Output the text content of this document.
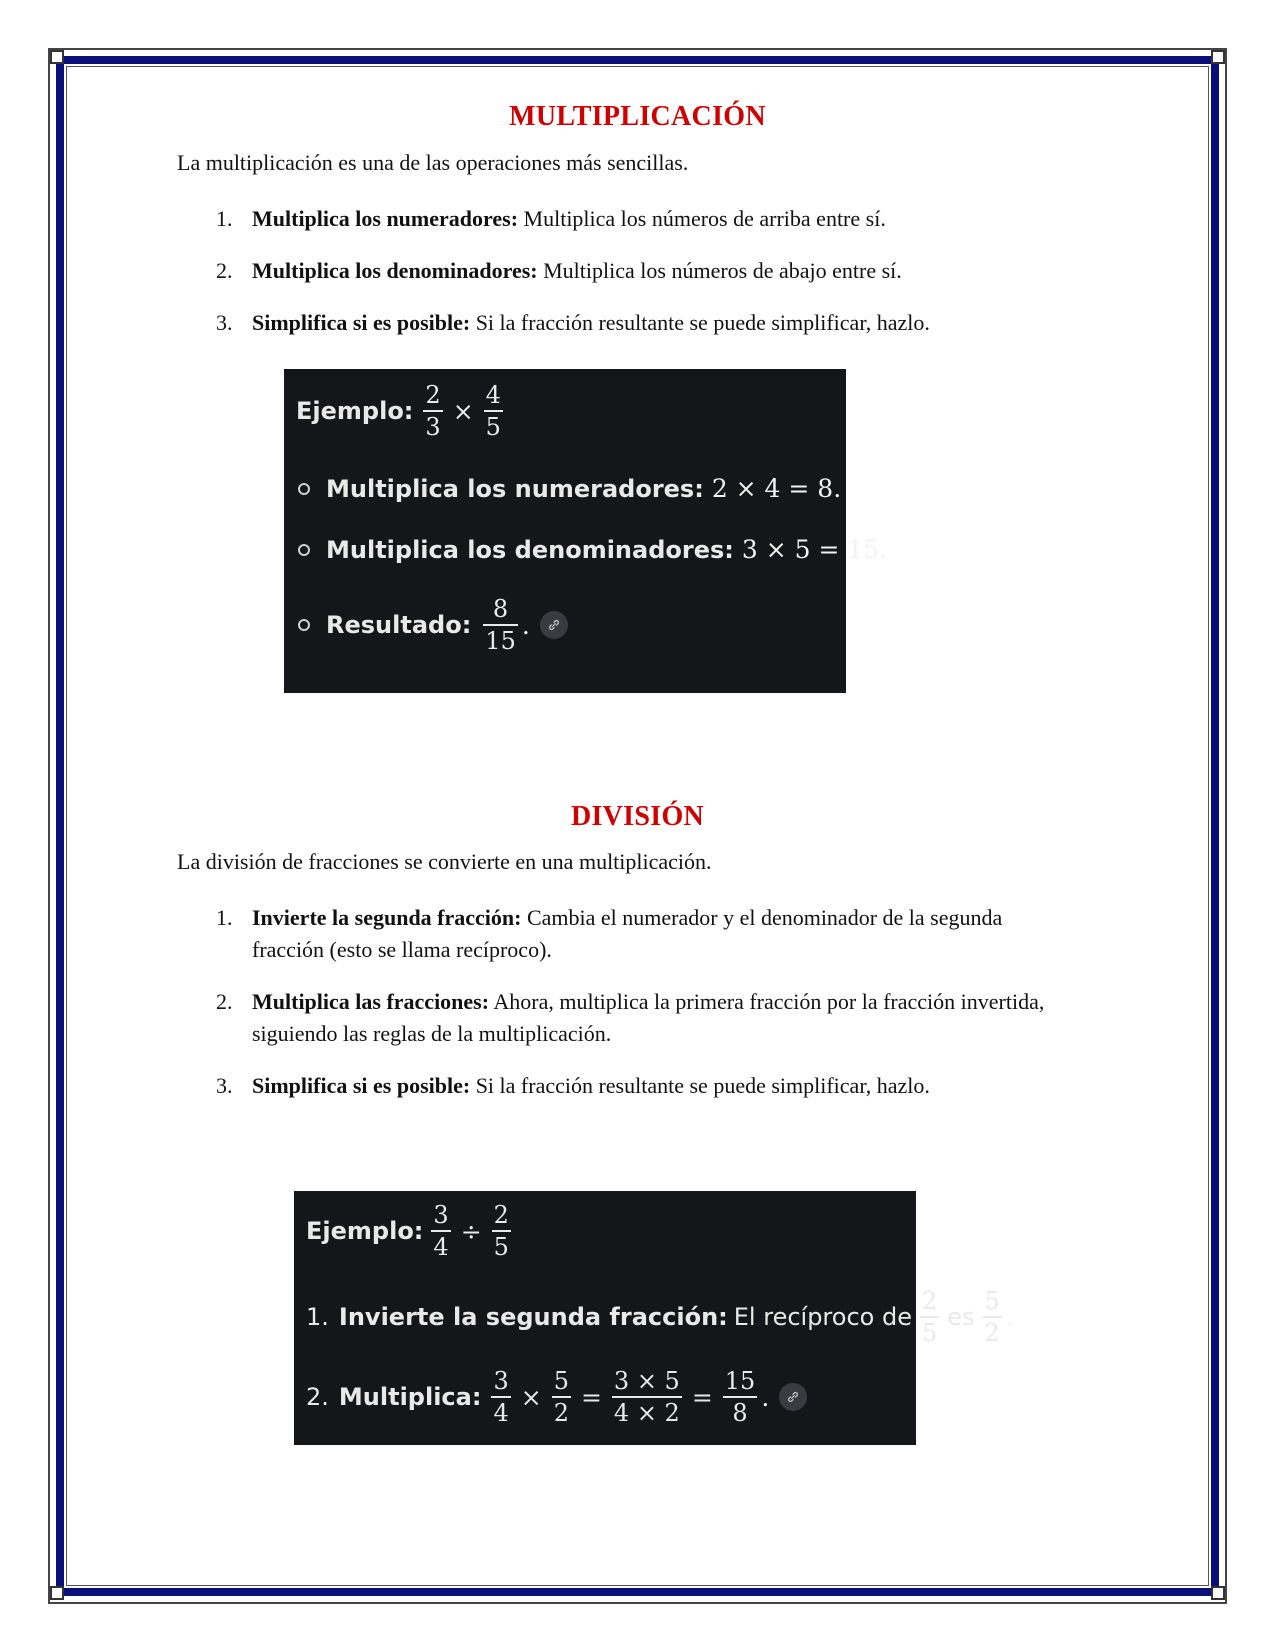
MULTIPLICACIÓN

La multiplicación es una de las operaciones más sencillas.

1. Multiplica los numeradores: Multiplica los números de arriba entre sí.
2. Multiplica los denominadores: Multiplica los números de abajo entre sí.
3. Simplifica si es posible: Si la fracción resultante se puede simplificar, hazlo.
Ejemplo: $\frac{2}{3} \times \frac{4}{5}$
Multiplica los numeradores: 2 × 4 = 8.
Multiplica los denominadores: 3 × 5 = 15.
Resultado: $\frac{8}{15}$ .
DIVISIÓN

La división de fracciones se convierte en una multiplicación.

1. Invierte la segunda fracción: Cambia el numerador y el denominador de la segunda fracción (esto se llama recíproco).
2. Multiplica las fracciones: Ahora, multiplica la primera fracción por la fracción invertida, siguiendo las reglas de la multiplicación.
3. Simplifica si es posible: Si la fracción resultante se puede simplificar, hazlo.
Ejemplo: $\frac{3}{4} \div \frac{2}{5}$
1. Invierte la segunda fracción: El recíproco de $\frac{2}{5}$ es $\frac{5}{2}$ .
2. Multiplica: $\frac{3}{4} \times \frac{5}{2} = \frac{3 \times 5}{4 \times 2} = \frac{15}{8}$ .
